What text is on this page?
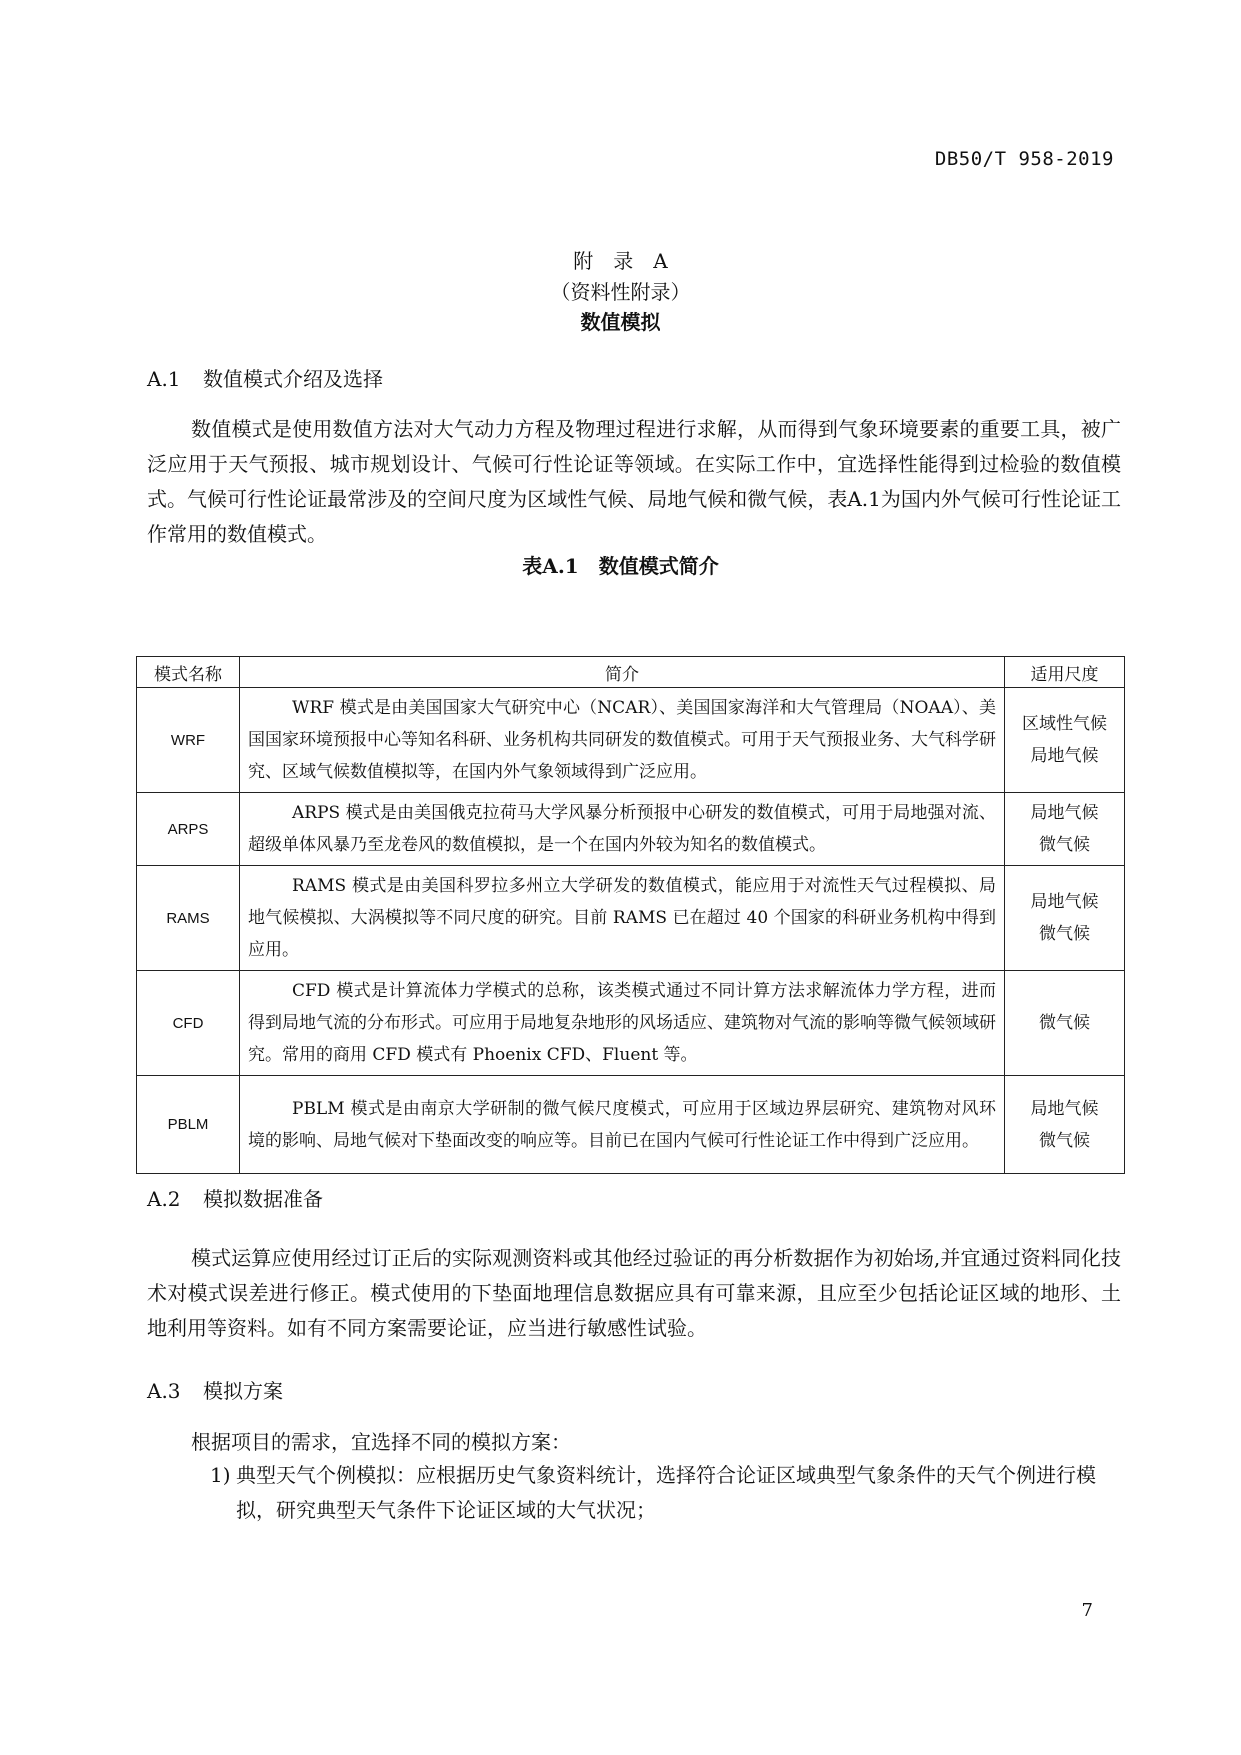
DB50/T 958-2019
附　录　A
（资料性附录）
数值模拟
A.1 数值模式介绍及选择
数值模式是使用数值方法对大气动力方程及物理过程进行求解，从而得到气象环境要素的重要工具，被广泛应用于天气预报、城市规划设计、气候可行性论证等领域。在实际工作中，宜选择性能得到过检验的数值模式。气候可行性论证最常涉及的空间尺度为区域性气候、局地气候和微气候，表A.1为国内外气候可行性论证工作常用的数值模式。
表A.1　数值模式简介
模式名称	简介	适用尺度
WRF	WRF 模式是由美国国家大气研究中心（NCAR）、美国国家海洋和大气管理局（NOAA）、美国国家环境预报中心等知名科研、业务机构共同研发的数值模式。可用于天气预报业务、大气科学研究、区域气候数值模拟等，在国内外气象领域得到广泛应用。	区域性气候
局地气候

ARPS	ARPS 模式是由美国俄克拉荷马大学风暴分析预报中心研发的数值模式，可用于局地强对流、超级单体风暴乃至龙卷风的数值模拟，是一个在国内外较为知名的数值模式。	局地气候
微气候

RAMS	RAMS 模式是由美国科罗拉多州立大学研发的数值模式，能应用于对流性天气过程模拟、局地气候模拟、大涡模拟等不同尺度的研究。目前 RAMS 已在超过 40 个国家的科研业务机构中得到应用。	局地气候
微气候

CFD	CFD 模式是计算流体力学模式的总称，该类模式通过不同计算方法求解流体力学方程，进而得到局地气流的分布形式。可应用于局地复杂地形的风场适应、建筑物对气流的影响等微气候领域研究。常用的商用 CFD 模式有 Phoenix CFD、Fluent 等。	微气候

PBLM	PBLM 模式是由南京大学研制的微气候尺度模式，可应用于区域边界层研究、建筑物对风环境的影响、局地气候对下垫面改变的响应等。目前已在国内气候可行性论证工作中得到广泛应用。	局地气候
微气候
A.2 模拟数据准备
模式运算应使用经过订正后的实际观测资料或其他经过验证的再分析数据作为初始场,并宜通过资料同化技术对模式误差进行修正。模式使用的下垫面地理信息数据应具有可靠来源，且应至少包括论证区域的地形、土地利用等资料。如有不同方案需要论证，应当进行敏感性试验。
A.3 模拟方案
根据项目的需求，宜选择不同的模拟方案：
1) 典型天气个例模拟：应根据历史气象资料统计，选择符合论证区域典型气象条件的天气个例进行模拟，研究典型天气条件下论证区域的大气状况；
7
